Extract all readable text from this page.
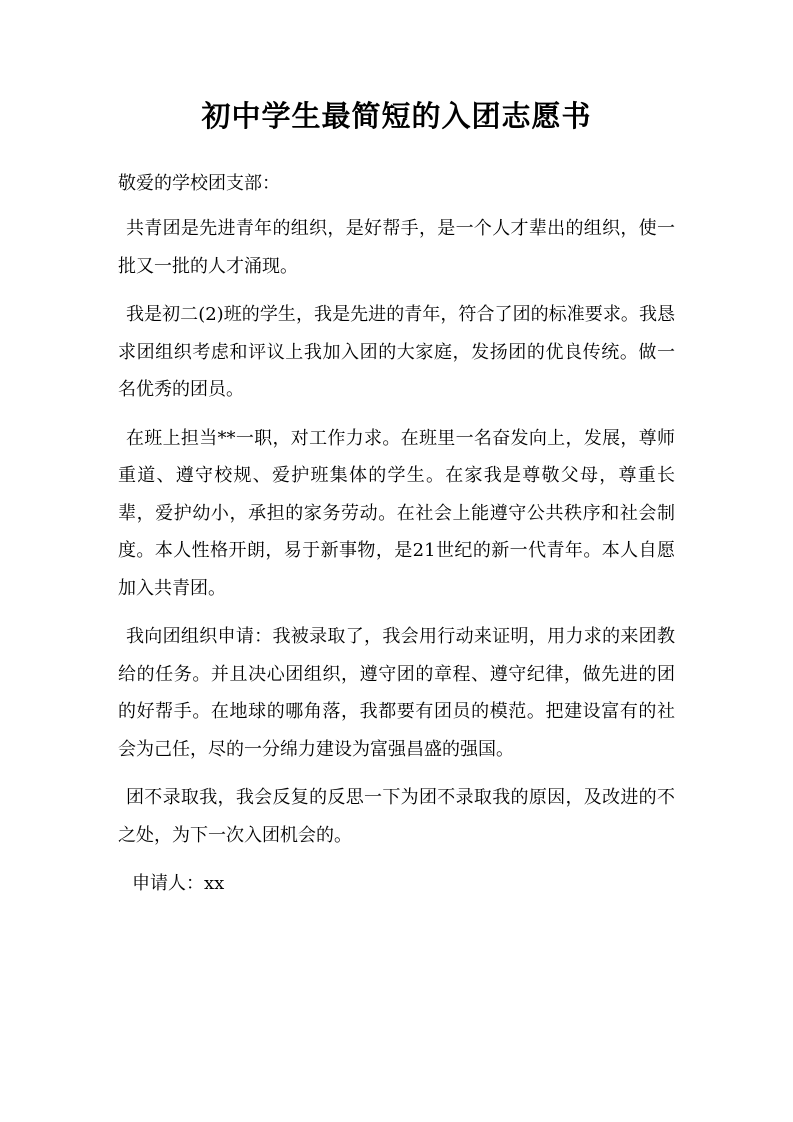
初中学生最简短的入团志愿书

敬爱的学校团支部：

共青团是先进青年的组织，是好帮手，是一个人才辈出的组织，使一批又一批的人才涌现。

我是初二(2)班的学生，我是先进的青年，符合了团的标准要求。我恳求团组织考虑和评议上我加入团的大家庭，发扬团的优良传统。做一名优秀的团员。

在班上担当**一职，对工作力求。在班里一名奋发向上，发展，尊师重道、遵守校规、爱护班集体的学生。在家我是尊敬父母，尊重长辈，爱护幼小，承担的家务劳动。在社会上能遵守公共秩序和社会制度。本人性格开朗，易于新事物，是21世纪的新一代青年。本人自愿加入共青团。

我向团组织申请：我被录取了，我会用行动来证明，用力求的来团教给的任务。并且决心团组织，遵守团的章程、遵守纪律，做先进的团的好帮手。在地球的哪角落，我都要有团员的模范。把建设富有的社会为己任，尽的一分绵力建设为富强昌盛的强国。

团不录取我，我会反复的反思一下为团不录取我的原因，及改进的不之处，为下一次入团机会的。

申请人：xx
